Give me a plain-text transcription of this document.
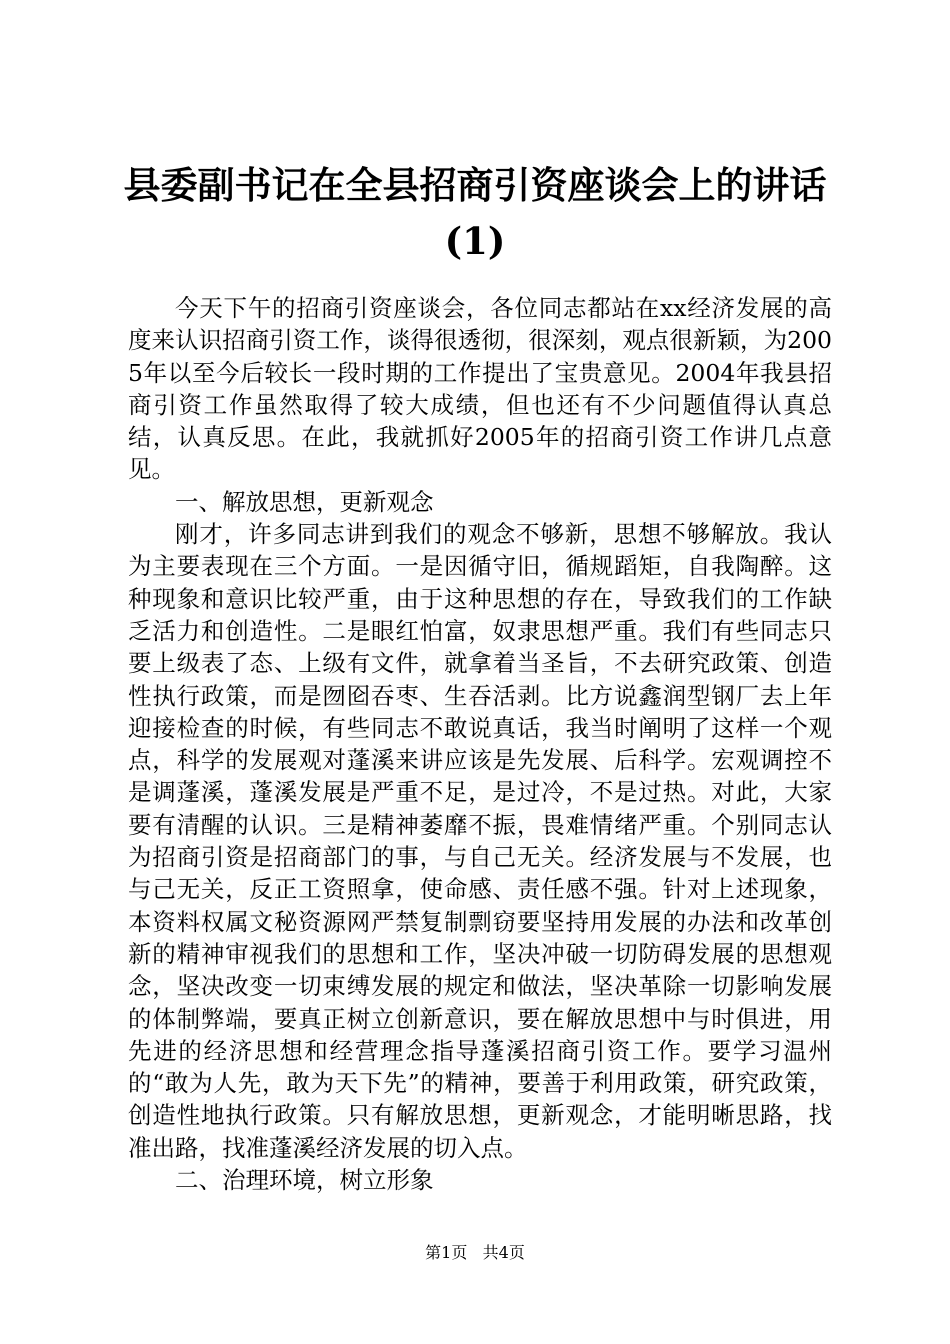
县委副书记在全县招商引资座谈会上的讲话
(1)

今天下午的招商引资座谈会，各位同志都站在xx经济发展的高度来认识招商引资工作，谈得很透彻，很深刻，观点很新颖，为2005年以至今后较长一段时期的工作提出了宝贵意见。2004年我县招商引资工作虽然取得了较大成绩，但也还有不少问题值得认真总结，认真反思。在此，我就抓好2005年的招商引资工作讲几点意见。

一、解放思想，更新观念

刚才，许多同志讲到我们的观念不够新，思想不够解放。我认为主要表现在三个方面。一是因循守旧，循规蹈矩，自我陶醉。这种现象和意识比较严重，由于这种思想的存在，导致我们的工作缺乏活力和创造性。二是眼红怕富，奴隶思想严重。我们有些同志只要上级表了态、上级有文件，就拿着当圣旨，不去研究政策、创造性执行政策，而是囫囵吞枣、生吞活剥。比方说鑫润型钢厂去上年迎接检查的时候，有些同志不敢说真话，我当时阐明了这样一个观点，科学的发展观对蓬溪来讲应该是先发展、后科学。宏观调控不是调蓬溪，蓬溪发展是严重不足，是过冷，不是过热。对此，大家要有清醒的认识。三是精神萎靡不振，畏难情绪严重。个别同志认为招商引资是招商部门的事，与自己无关。经济发展与不发展，也与己无关，反正工资照拿，使命感、责任感不强。针对上述现象，本资料权属文秘资源网严禁复制剽窃要坚持用发展的办法和改革创新的精神审视我们的思想和工作，坚决冲破一切防碍发展的思想观念，坚决改变一切束缚发展的规定和做法，坚决革除一切影响发展的体制弊端，要真正树立创新意识，要在解放思想中与时俱进，用先进的经济思想和经营理念指导蓬溪招商引资工作。要学习温州的“敢为人先，敢为天下先”的精神，要善于利用政策，研究政策，创造性地执行政策。只有解放思想，更新观念，才能明晰思路，找准出路，找准蓬溪经济发展的切入点。

二、治理环境，树立形象

第1页 共4页
